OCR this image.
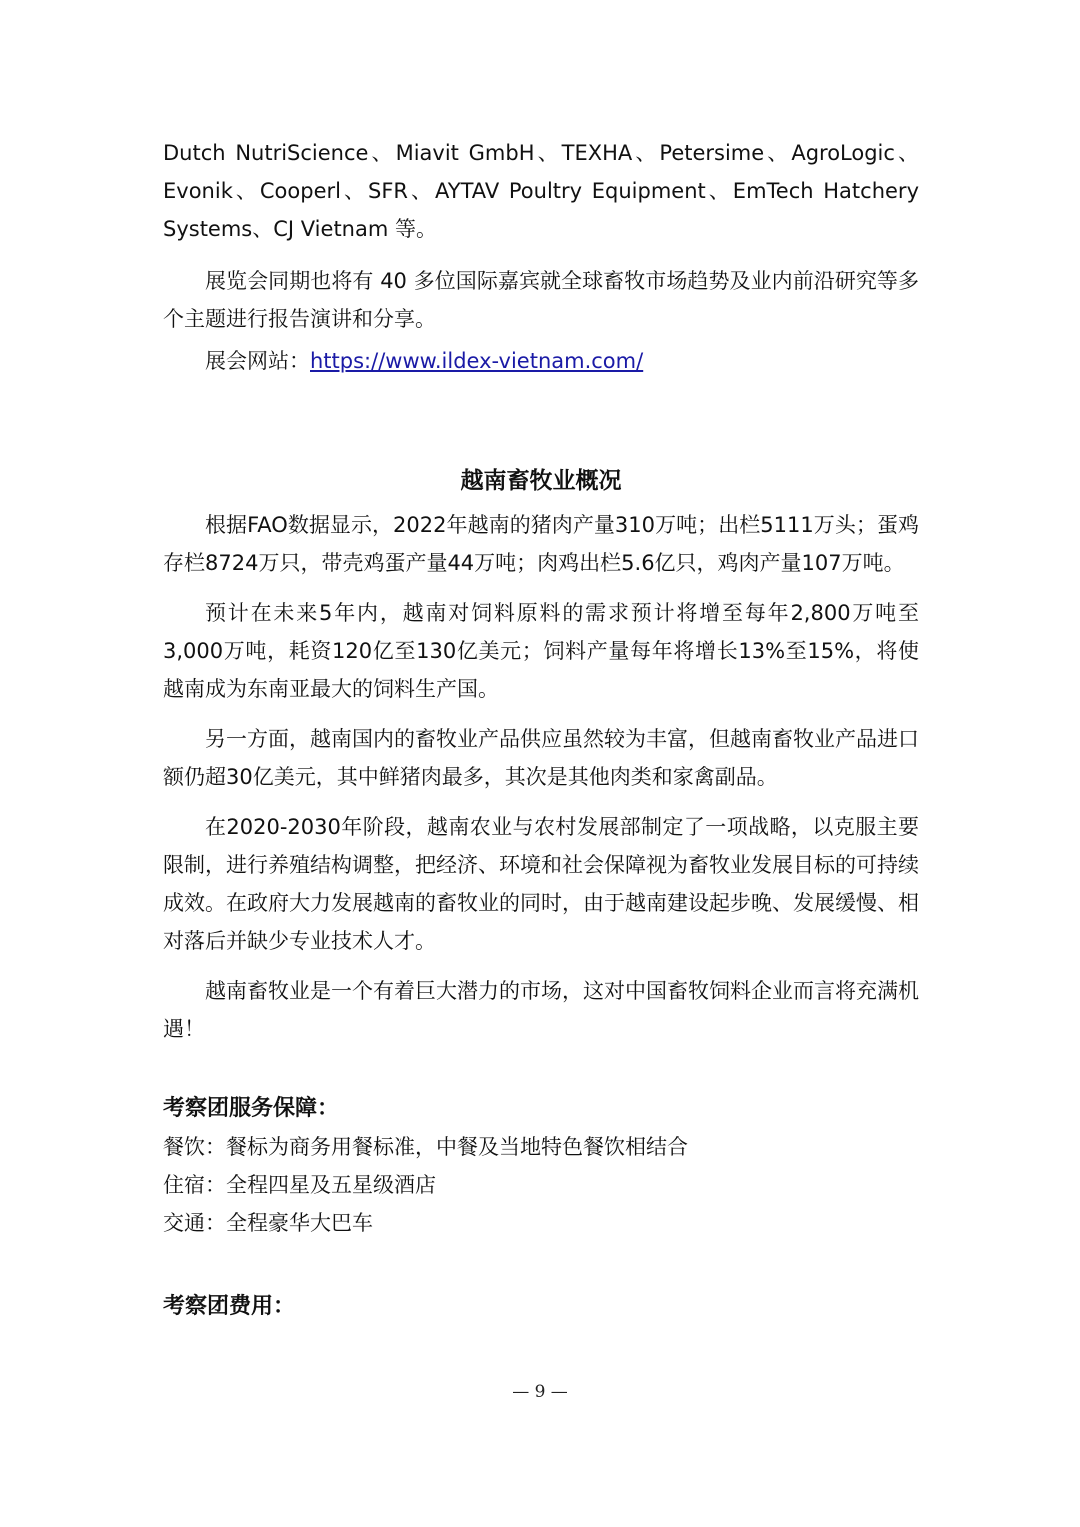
Dutch NutriScience、Miavit GmbH、TEXHA、Petersime、AgroLogic、Evonik、Cooperl、SFR、AYTAV Poultry Equipment、EmTech Hatchery Systems、CJ Vietnam 等。

展览会同期也将有 40 多位国际嘉宾就全球畜牧市场趋势及业内前沿研究等多个主题进行报告演讲和分享。

展会网站：https://www.ildex-vietnam.com/

越南畜牧业概况

根据FAO数据显示，2022年越南的猪肉产量310万吨；出栏5111万头；蛋鸡存栏8724万只，带壳鸡蛋产量44万吨；肉鸡出栏5.6亿只，鸡肉产量107万吨。

预计在未来5年内，越南对饲料原料的需求预计将增至每年2,800万吨至3,000万吨，耗资120亿至130亿美元；饲料产量每年将增长13%至15%，将使越南成为东南亚最大的饲料生产国。

另一方面，越南国内的畜牧业产品供应虽然较为丰富，但越南畜牧业产品进口额仍超30亿美元，其中鲜猪肉最多，其次是其他肉类和家禽副品。

在2020-2030年阶段，越南农业与农村发展部制定了一项战略，以克服主要限制，进行养殖结构调整，把经济、环境和社会保障视为畜牧业发展目标的可持续成效。在政府大力发展越南的畜牧业的同时，由于越南建设起步晚、发展缓慢、相对落后并缺少专业技术人才。

越南畜牧业是一个有着巨大潜力的市场，这对中国畜牧饲料企业而言将充满机遇！

考察团服务保障：
餐饮：餐标为商务用餐标准，中餐及当地特色餐饮相结合
住宿：全程四星及五星级酒店
交通：全程豪华大巴车
考察团费用：
— 9 —
